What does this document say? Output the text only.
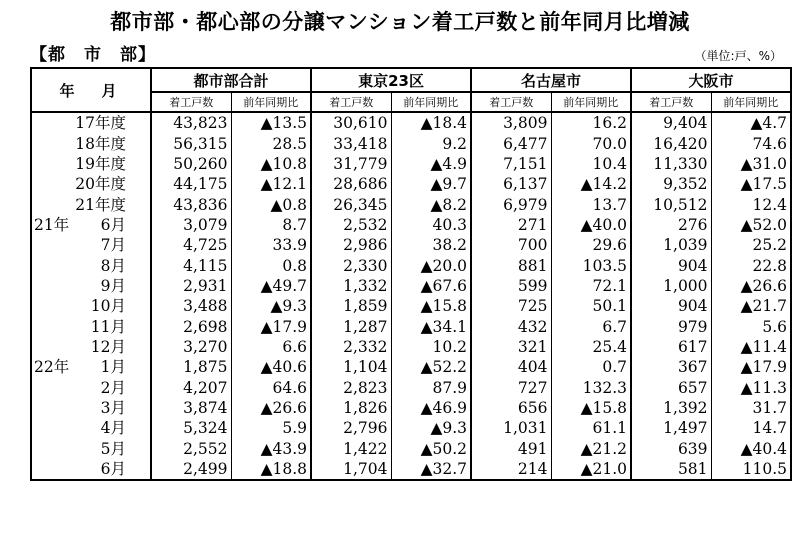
都市部・都心部の分譲マンション着工戸数と前年同月比増減
【都　市　部】	（単位:戸、%）
年　月	都市部合計		東京23区		名古屋市		大阪市	
	着工戸数	前年同期比	着工戸数	前年同期比	着工戸数	前年同期比	着工戸数	前年同期比

17年度	43,823	▲13.5	30,610	▲18.4	3,809	16.2	9,404	▲4.7

18年度	56,315	28.5	33,418	9.2	6,477	70.0	16,420	74.6

19年度	50,260	▲10.8	31,779	▲4.9	7,151	10.4	11,330	▲31.0

20年度	44,175	▲12.1	28,686	▲9.7	6,137	▲14.2	9,352	▲17.5

21年度	43,836	▲0.8	26,345	▲8.2	6,979	13.7	10,512	12.4

21年 6月	3,079	8.7	2,532	40.3	271	▲40.0	276	▲52.0

7月	4,725	33.9	2,986	38.2	700	29.6	1,039	25.2

8月	4,115	0.8	2,330	▲20.0	881	103.5	904	22.8

9月	2,931	▲49.7	1,332	▲67.6	599	72.1	1,000	▲26.6

10月	3,488	▲9.3	1,859	▲15.8	725	50.1	904	▲21.7

11月	2,698	▲17.9	1,287	▲34.1	432	6.7	979	5.6

12月	3,270	6.6	2,332	10.2	321	25.4	617	▲11.4

22年 1月	1,875	▲40.6	1,104	▲52.2	404	0.7	367	▲17.9

2月	4,207	64.6	2,823	87.9	727	132.3	657	▲11.3

3月	3,874	▲26.6	1,826	▲46.9	656	▲15.8	1,392	31.7

4月	5,324	5.9	2,796	▲9.3	1,031	61.1	1,497	14.7

5月	2,552	▲43.9	1,422	▲50.2	491	▲21.2	639	▲40.4

6月	2,499	▲18.8	1,704	▲32.7	214	▲21.0	581	110.5
